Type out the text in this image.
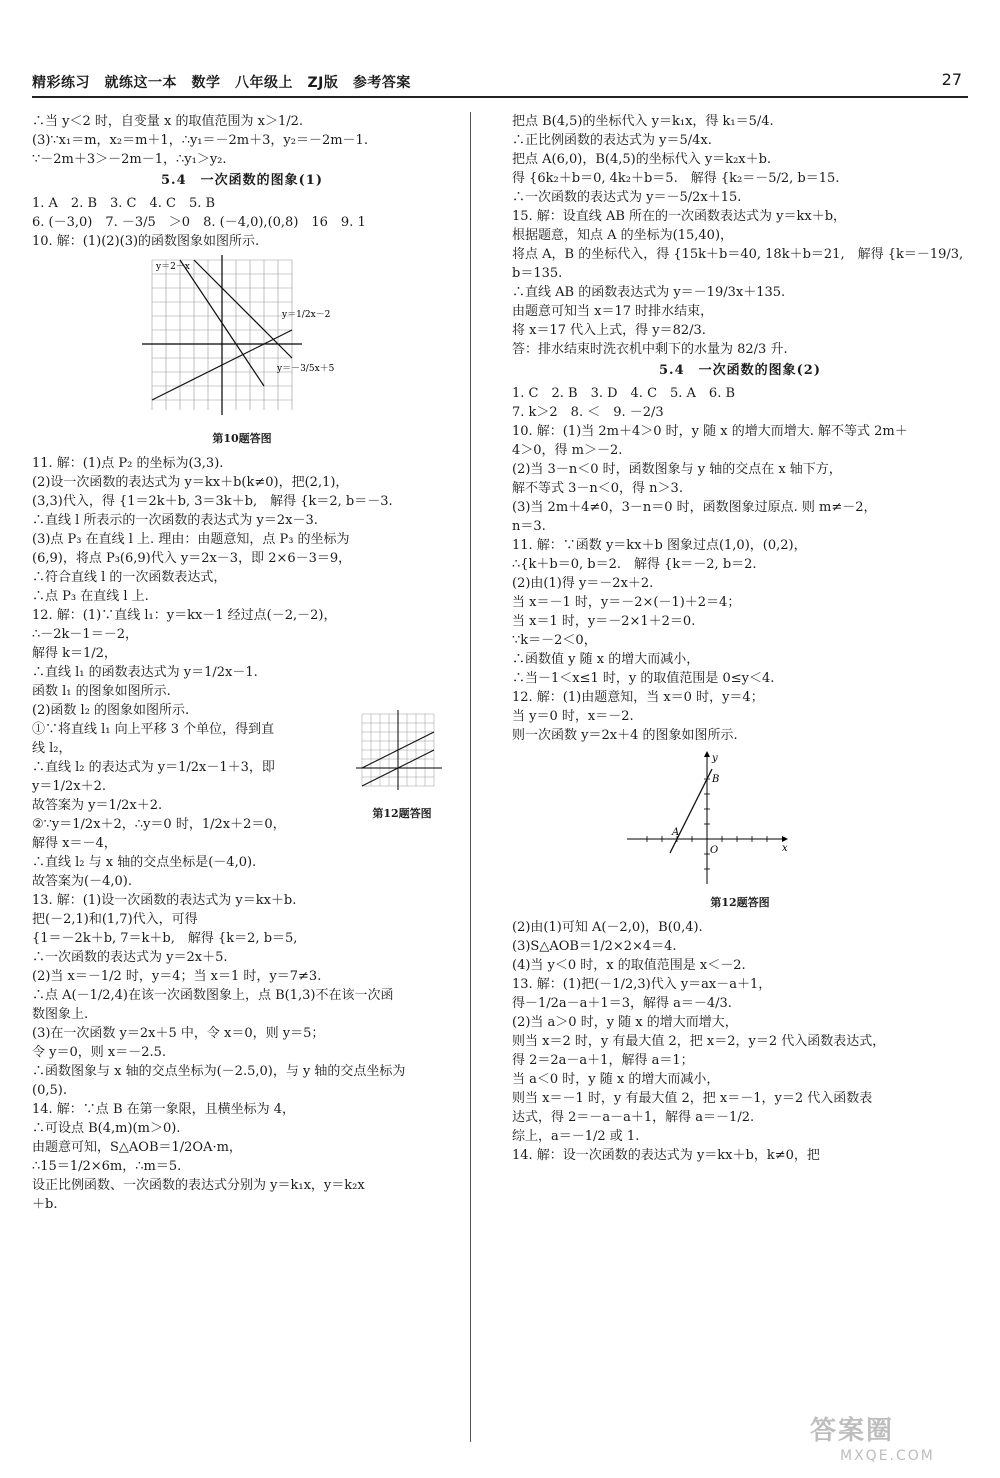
精彩练习　就练这一本　数学　八年级上　ZJ版　参考答案	27
∴当 y＜2 时，自变量 x 的取值范围为 x＞1/2.
(3)∵x₁＝m，x₂＝m＋1，∴y₁＝－2m＋3，y₂＝－2m－1.
∵－2m＋3＞－2m－1，∴y₁＞y₂.
5.4　一次函数的图象(1)
1. A　2. B　3. C　4. C　5. B
6. (－3,0)　7. －3/5　＞0　8. (－4,0),(0,8)　16　9. 1
10. 解：(1)(2)(3)的函数图象如图所示.
y＝2－x
y＝1/2x－2
y＝－3/5x＋5
第10题答图
11. 解：(1)点 P₂ 的坐标为(3,3).
(2)设一次函数的表达式为 y＝kx＋b(k≠0)，把(2,1)，
(3,3)代入，得 {1＝2k＋b, 3＝3k＋b,　解得 {k＝2, b＝－3.
∴直线 l 所表示的一次函数的表达式为 y＝2x－3.
(3)点 P₃ 在直线 l 上. 理由：由题意知，点 P₃ 的坐标为
(6,9)，将点 P₃(6,9)代入 y＝2x－3，即 2×6－3＝9，
∴符合直线 l 的一次函数表达式，
∴点 P₃ 在直线 l 上.
12. 解：(1)∵直线 l₁：y＝kx－1 经过点(－2,－2)，
∴－2k－1＝－2，
解得 k＝1/2，
∴直线 l₁ 的函数表达式为 y＝1/2x－1.
函数 l₁ 的图象如图所示.
(2)函数 l₂ 的图象如图所示.
①∵将直线 l₁ 向上平移 3 个单位，得到直
线 l₂，
∴直线 l₂ 的表达式为 y＝1/2x－1＋3，即
y＝1/2x＋2.
第12题答图
故答案为 y＝1/2x＋2.
②∵y＝1/2x＋2，∴y＝0 时，1/2x＋2＝0，
解得 x＝－4，
∴直线 l₂ 与 x 轴的交点坐标是(－4,0).
故答案为(－4,0).
13. 解：(1)设一次函数的表达式为 y＝kx＋b.
把(－2,1)和(1,7)代入，可得
{1＝－2k＋b, 7＝k＋b,　解得 {k＝2, b＝5,
∴一次函数的表达式为 y＝2x＋5.
(2)当 x＝－1/2 时，y＝4；当 x＝1 时，y＝7≠3.
∴点 A(－1/2,4)在该一次函数图象上，点 B(1,3)不在该一次函
数图象上.
(3)在一次函数 y＝2x＋5 中，令 x＝0，则 y＝5；
令 y＝0，则 x＝－2.5.
∴函数图象与 x 轴的交点坐标为(－2.5,0)，与 y 轴的交点坐标为
(0,5).
14. 解：∵点 B 在第一象限，且横坐标为 4，
∴可设点 B(4,m)(m＞0).
由题意可知，S△AOB＝1/2OA·m，
∴15＝1/2×6m，∴m＝5.
设正比例函数、一次函数的表达式分别为 y＝k₁x，y＝k₂x
＋b.
把点 B(4,5)的坐标代入 y＝k₁x，得 k₁＝5/4.
∴正比例函数的表达式为 y＝5/4x.
把点 A(6,0)，B(4,5)的坐标代入 y＝k₂x＋b.
得 {6k₂＋b＝0, 4k₂＋b＝5.　解得 {k₂＝－5/2, b＝15.
∴一次函数的表达式为 y＝－5/2x＋15.
15. 解：设直线 AB 所在的一次函数表达式为 y＝kx＋b，
根据题意，知点 A 的坐标为(15,40)，
将点 A，B 的坐标代入，得 {15k＋b＝40, 18k＋b＝21,　解得 {k＝－19/3, b＝135.
∴直线 AB 的函数表达式为 y＝－19/3x＋135.
由题意可知当 x＝17 时排水结束，
将 x＝17 代入上式，得 y＝82/3.
答：排水结束时洗衣机中剩下的水量为 82/3 升.
5.4　一次函数的图象(2)
1. C　2. B　3. D　4. C　5. A　6. B
7. k＞2　8. ＜　9. －2/3
10. 解：(1)当 2m＋4＞0 时，y 随 x 的增大而增大. 解不等式 2m＋
4＞0，得 m＞－2.
(2)当 3－n＜0 时，函数图象与 y 轴的交点在 x 轴下方，
解不等式 3－n＜0，得 n＞3.
(3)当 2m＋4≠0，3－n＝0 时，函数图象过原点. 则 m≠－2，
n＝3.
11. 解：∵函数 y＝kx＋b 图象过点(1,0)，(0,2)，
∴{k＋b＝0, b＝2.　解得 {k＝－2, b＝2.
(2)由(1)得 y＝－2x＋2.
当 x＝－1 时，y＝－2×(－1)＋2＝4；
当 x＝1 时，y＝－2×1＋2＝0.
∵k＝－2＜0，
∴函数值 y 随 x 的增大而减小，
∴当－1＜x≤1 时，y 的取值范围是 0≤y＜4.
12. 解：(1)由题意知，当 x＝0 时，y＝4；
当 y＝0 时，x＝－2.
则一次函数 y＝2x＋4 的图象如图所示.
x
y
O
A
B
第12题答图
(2)由(1)可知 A(－2,0)，B(0,4).
(3)S△AOB＝1/2×2×4＝4.
(4)当 y＜0 时，x 的取值范围是 x＜－2.
13. 解：(1)把(－1/2,3)代入 y＝ax－a＋1，
得－1/2a－a＋1＝3，解得 a＝－4/3.
(2)当 a＞0 时，y 随 x 的增大而增大，
则当 x＝2 时，y 有最大值 2，把 x＝2，y＝2 代入函数表达式，
得 2＝2a－a＋1，解得 a＝1；
当 a＜0 时，y 随 x 的增大而减小，
则当 x＝－1 时，y 有最大值 2，把 x＝－1，y＝2 代入函数表
达式，得 2＝－a－a＋1，解得 a＝－1/2.
综上，a＝－1/2 或 1.
14. 解：设一次函数的表达式为 y＝kx＋b，k≠0，把
答案圈
MXQE.COM
